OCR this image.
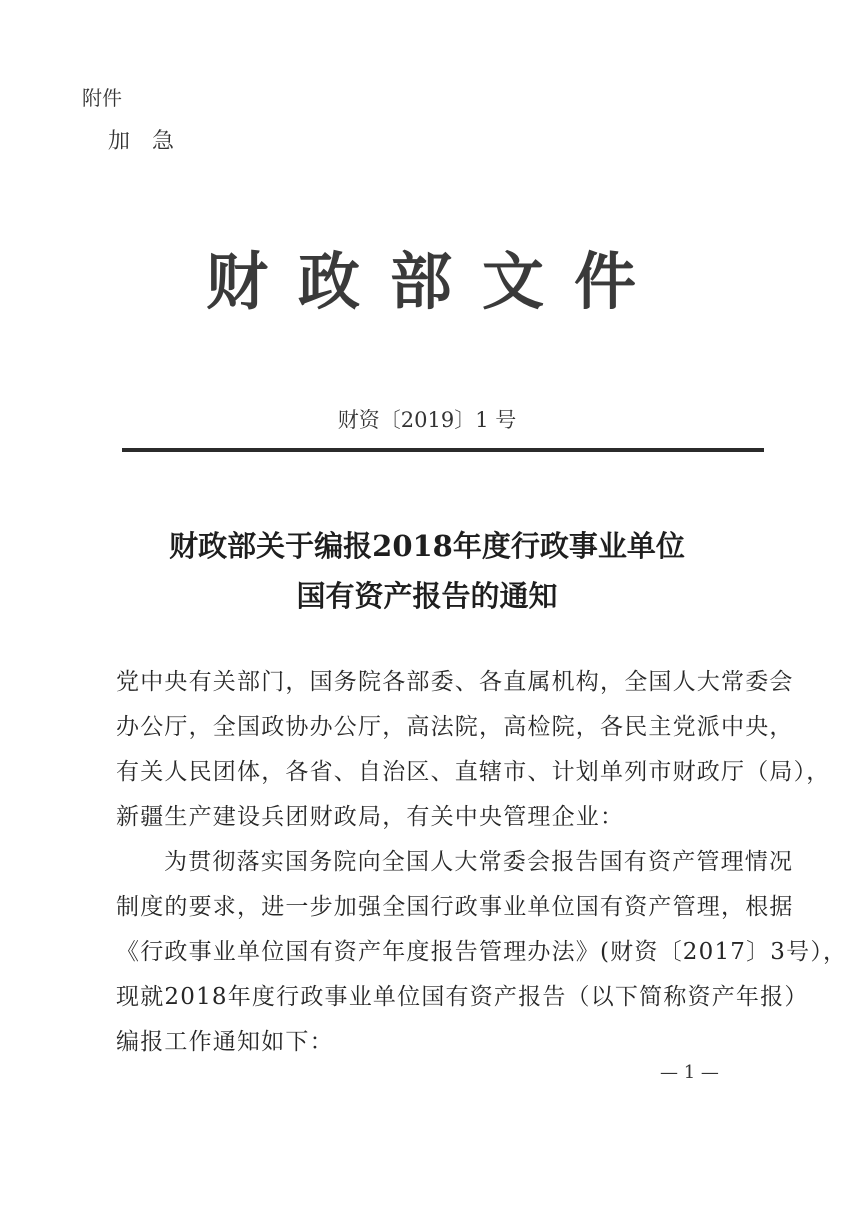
附件
加急
财政部文件
财资〔2019〕1 号
财政部关于编报2018年度行政事业单位
国有资产报告的通知
党中央有关部门，国务院各部委、各直属机构，全国人大常委会
办公厅，全国政协办公厅，高法院，高检院，各民主党派中央，
有关人民团体，各省、自治区、直辖市、计划单列市财政厅（局），
新疆生产建设兵团财政局，有关中央管理企业：
为贯彻落实国务院向全国人大常委会报告国有资产管理情况
制度的要求，进一步加强全国行政事业单位国有资产管理，根据
《行政事业单位国有资产年度报告管理办法》(财资〔2017〕3号），
现就2018年度行政事业单位国有资产报告（以下简称资产年报）
编报工作通知如下：
— 1 —
